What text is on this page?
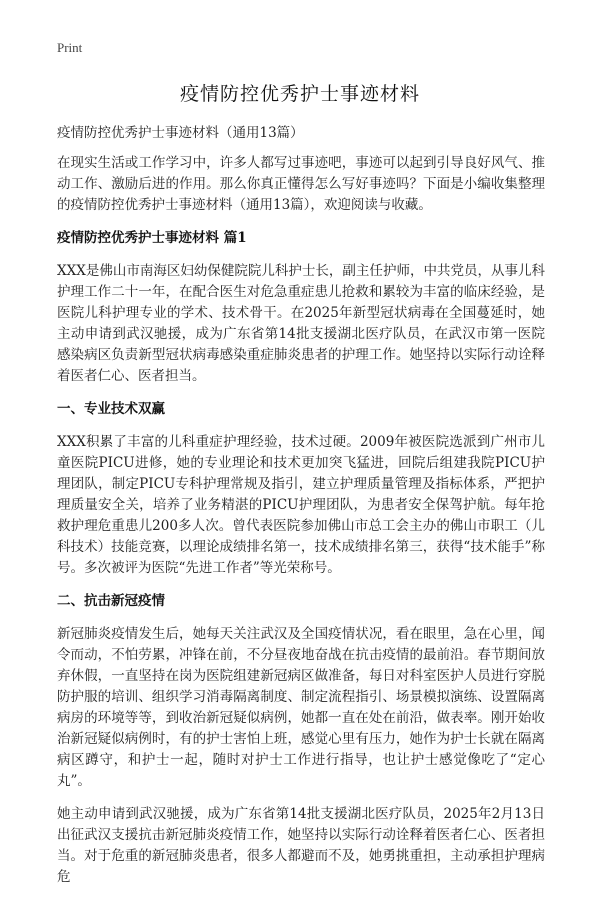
Print
疫情防控优秀护士事迹材料

疫情防控优秀护士事迹材料（通用13篇）

在现实生活或工作学习中，许多人都写过事迹吧，事迹可以起到引导良好风气、推动工作、激励后进的作用。那么你真正懂得怎么写好事迹吗？下面是小编收集整理的疫情防控优秀护士事迹材料（通用13篇），欢迎阅读与收藏。

疫情防控优秀护士事迹材料 篇1

XXX是佛山市南海区妇幼保健院院儿科护士长，副主任护师，中共党员，从事儿科护理工作二十一年，在配合医生对危急重症患儿抢救和累较为丰富的临床经验，是医院儿科护理专业的学术、技术骨干。在2025年新型冠状病毒在全国蔓延时，她主动申请到武汉驰援，成为广东省第14批支援湖北医疗队员，在武汉市第一医院感染病区负责新型冠状病毒感染重症肺炎患者的护理工作。她坚持以实际行动诠释着医者仁心、医者担当。

一、专业技术双赢

XXX积累了丰富的儿科重症护理经验，技术过硬。2009年被医院选派到广州市儿童医院PICU进修，她的专业理论和技术更加突飞猛进，回院后组建我院PICU护理团队，制定PICU专科护理常规及指引，建立护理质量管理及指标体系，严把护理质量安全关，培养了业务精湛的PICU护理团队，为患者安全保驾护航。每年抢救护理危重患儿200多人次。曾代表医院参加佛山市总工会主办的佛山市职工（儿科技术）技能竞赛，以理论成绩排名第一，技术成绩排名第三，获得“技术能手”称号。多次被评为医院“先进工作者”等光荣称号。

二、抗击新冠疫情

新冠肺炎疫情发生后，她每天关注武汉及全国疫情状况，看在眼里，急在心里，闻令而动，不怕劳累，冲锋在前，不分昼夜地奋战在抗击疫情的最前沿。春节期间放弃休假，一直坚持在岗为医院组建新冠病区做准备，每日对科室医护人员进行穿脱防护服的培训、组织学习消毒隔离制度、制定流程指引、场景模拟演练、设置隔离病房的环境等等，到收治新冠疑似病例，她都一直在处在前沿，做表率。刚开始收治新冠疑似病例时，有的护士害怕上班，感觉心里有压力，她作为护士长就在隔离病区蹲守，和护士一起，随时对护士工作进行指导，也让护士感觉像吃了“定心丸”。

她主动申请到武汉驰援，成为广东省第14批支援湖北医疗队员，2025年2月13日出征武汉支援抗击新冠肺炎疫情工作，她坚持以实际行动诠释着医者仁心、医者担当。对于危重的新冠肺炎患者，很多人都避而不及，她勇挑重担，主动承担护理病危
